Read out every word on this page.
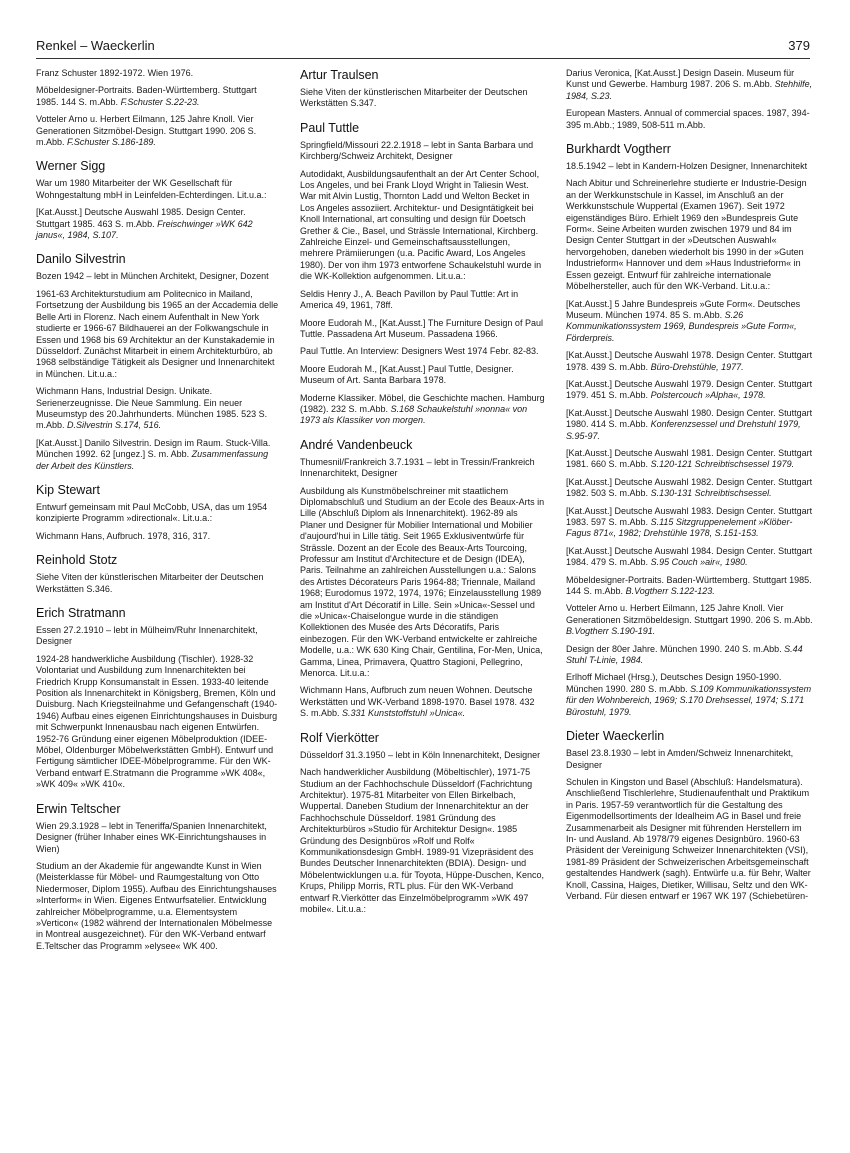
Renkel – Waeckerlin	379
Franz Schuster 1892-1972. Wien 1976.
Möbeldesigner-Portraits. Baden-Württemberg. Stuttgart 1985. 144 S. m.Abb. F.Schuster S.22-23.
Votteler Arno u. Herbert Eilmann, 125 Jahre Knoll. Vier Generationen Sitzmöbel-Design. Stuttgart 1990. 206 S. m.Abb. F.Schuster S.186-189.
Werner Sigg
War um 1980 Mitarbeiter der WK Gesellschaft für Wohngestaltung mbH in Leinfelden-Echterdingen. Lit.u.a.:
[Kat.Ausst.] Deutsche Auswahl 1985. Design Center. Stuttgart 1985. 463 S. m.Abb. Freischwinger »WK 642 janus«, 1984, S.107.
Danilo Silvestrin
Bozen 1942 – lebt in München Architekt, Designer, Dozent
1961-63 Architekturstudium am Politecnico in Mailand, Fortsetzung der Ausbildung bis 1965 an der Accademia delle Belle Arti in Florenz. Nach einem Aufenthalt in New York studierte er 1966-67 Bildhauerei an der Folkwangschule in Essen und 1968 bis 69 Architektur an der Kunstakademie in Düsseldorf. Zunächst Mitarbeit in einem Architekturbüro, ab 1968 selbständige Tätigkeit als Designer und Innenarchitekt in München. Lit.u.a.:
Wichmann Hans, Industrial Design. Unikate. Serienerzeugnisse. Die Neue Sammlung. Ein neuer Museumstyp des 20.Jahrhunderts. München 1985. 523 S. m.Abb. D.Silvestrin S.174, 516.
[Kat.Ausst.] Danilo Silvestrin. Design im Raum. Stuck-Villa. München 1992. 62 [ungez.] S. m. Abb. Zusammenfassung der Arbeit des Künstlers.
Kip Stewart
Entwurf gemeinsam mit Paul McCobb, USA, das um 1954 konzipierte Programm »directional«. Lit.u.a.:
Wichmann Hans, Aufbruch. 1978, 316, 317.
Reinhold Stotz
Siehe Viten der künstlerischen Mitarbeiter der Deutschen Werkstätten S.346.
Erich Stratmann
Essen 27.2.1910 – lebt in Mülheim/Ruhr Innenarchitekt, Designer
1924-28 handwerkliche Ausbildung (Tischler). 1928-32 Volontariat und Ausbildung zum Innenarchitekten bei Friedrich Krupp Konsumanstalt in Essen. 1933-40 leitende Position als Innenarchitekt in Königsberg, Bremen, Köln und Duisburg. Nach Kriegsteilnahme und Gefangenschaft (1940-1946) Aufbau eines eigenen Einrichtungshauses in Duisburg mit Schwerpunkt Innenausbau nach eigenen Entwürfen. 1952-76 Gründung einer eigenen Möbelproduktion (IDEE-Möbel, Oldenburger Möbelwerkstätten GmbH). Entwurf und Fertigung sämtlicher IDEE-Möbelprogramme. Für den WK-Verband entwarf E.Stratmann die Programme »WK 408«, »WK 409« »WK 410«.
Erwin Teltscher
Wien 29.3.1928 – lebt in Teneriffa/Spanien Innenarchitekt, Designer (früher Inhaber eines WK-Einrichtungshauses in Wien)
Studium an der Akademie für angewandte Kunst in Wien (Meisterklasse für Möbel- und Raumgestaltung von Otto Niedermoser, Diplom 1955). Aufbau des Einrichtungshauses »Interform« in Wien. Eigenes Entwurfsatelier. Entwicklung zahlreicher Möbelprogramme, u.a. Elementsystem »Verticon« (1982 während der Internationalen Möbelmesse in Montreal ausgezeichnet). Für den WK-Verband entwarf E.Teltscher das Programm »elysee« WK 400.
Artur Traulsen
Siehe Viten der künstlerischen Mitarbeiter der Deutschen Werkstätten S.347.
Paul Tuttle
Springfield/Missouri 22.2.1918 – lebt in Santa Barbara und Kirchberg/Schweiz Architekt, Designer
Autodidakt, Ausbildungsaufenthalt an der Art Center School, Los Angeles, und bei Frank Lloyd Wright in Taliesin West. War mit Alvin Lustig, Thornton Ladd und Welton Becket in Los Angeles assoziiert. Architektur- und Designtätigkeit bei Knoll International, art consulting und design für Doetsch Grether & Cie., Basel, und Strässle International, Kirchberg. Zahlreiche Einzel- und Gemeinschaftsausstellungen, mehrere Prämiierungen (u.a. Pacific Award, Los Angeles 1980). Der von ihm 1973 entworfene Schaukelstuhl wurde in die WK-Kollektion aufgenommen. Lit.u.a.:
Seldis Henry J., A. Beach Pavillon by Paul Tuttle: Art in America 49, 1961, 78ff.
Moore Eudorah M., [Kat.Ausst.] The Furniture Design of Paul Tuttle. Passadena Art Museum. Passadena 1966.
Paul Tuttle. An Interview: Designers West 1974 Febr. 82-83.
Moore Eudorah M., [Kat.Ausst.] Paul Tuttle, Designer. Museum of Art. Santa Barbara 1978.
Moderne Klassiker. Möbel, die Geschichte machen. Hamburg (1982). 232 S. m.Abb. S.168 Schaukelstuhl »nonna« von 1973 als Klassiker von morgen.
André Vandenbeuck
Thumesnil/Frankreich 3.7.1931 – lebt in Tressin/Frankreich Innenarchitekt, Designer
Ausbildung als Kunstmöbelschreiner mit staatlichem Diplomabschluß und Studium an der Ecole des Beaux-Arts in Lille (Abschluß Diplom als Innenarchitekt). 1962-89 als Planer und Designer für Mobilier International und Mobilier d'aujourd'hui in Lille tätig. Seit 1965 Exklusiventwürfe für Strässle. Dozent an der Ecole des Beaux-Arts Tourcoing, Professur am Institut d'Architecture et de Design (IDEA), Paris. Teilnahme an zahlreichen Ausstellungen u.a.: Salons des Artistes Décorateurs Paris 1964-88; Triennale, Mailand 1968; Eurodomus 1972, 1974, 1976; Einzelausstellung 1989 am Institut d'Art Décoratif in Lille. Sein »Unica«-Sessel und die »Unica«-Chaiselongue wurde in die ständigen Kollektionen des Musée des Arts Décoratifs, Paris einbezogen. Für den WK-Verband entwickelte er zahlreiche Modelle, u.a.: WK 630 King Chair, Gentilina, For-Men, Unica, Gamma, Linea, Primavera, Quattro Stagioni, Pellegrino, Menorca. Lit.u.a.:
Wichmann Hans, Aufbruch zum neuen Wohnen. Deutsche Werkstätten und WK-Verband 1898-1970. Basel 1978. 432 S. m.Abb. S.331 Kunststoffstuhl »Unica«.
Rolf Vierkötter
Düsseldorf 31.3.1950 – lebt in Köln Innenarchitekt, Designer
Nach handwerklicher Ausbildung (Möbeltischler), 1971-75 Studium an der Fachhochschule Düsseldorf (Fachrichtung Architektur). 1975-81 Mitarbeiter von Ellen Birkelbach, Wuppertal. Daneben Studium der Innenarchitektur an der Fachhochschule Düsseldorf. 1981 Gründung des Architekturbüros »Studio für Architektur Design«. 1985 Gründung des Designbüros »Rolf und Rolf« Kommunikationsdesign GmbH. 1989-91 Vizepräsident des Bundes Deutscher Innenarchitekten (BDIA). Design- und Möbelentwicklungen u.a. für Toyota, Hüppe-Duschen, Kenco, Krups, Philipp Morris, RTL plus. Für den WK-Verband entwarf R.Vierkötter das Einzelmöbelprogramm »WK 497 mobile«. Lit.u.a.:
Darius Veronica, [Kat.Ausst.] Design Dasein. Museum für Kunst und Gewerbe. Hamburg 1987. 206 S. m.Abb. Stehhilfe, 1984, S.23.
European Masters. Annual of commercial spaces. 1987, 394-395 m.Abb.; 1989, 508-511 m.Abb.
Burkhardt Vogtherr
18.5.1942 – lebt in Kandern-Holzen Designer, Innenarchitekt
Nach Abitur und Schreinerlehre studierte er Industrie-Design an der Werkkunstschule in Kassel, im Anschluß an der Werkkunstschule Wuppertal (Examen 1967). Seit 1972 eigenständiges Büro. Erhielt 1969 den »Bundespreis Gute Form«. Seine Arbeiten wurden zwischen 1979 und 84 im Design Center Stuttgart in der »Deutschen Auswahl« hervorgehoben, daneben wiederholt bis 1990 in der »Guten Industrieform« Hannover und dem »Haus Industrieform« in Essen gezeigt. Entwurf für zahlreiche internationale Möbelhersteller, auch für den WK-Verband. Lit.u.a.:
[Kat.Ausst.] 5 Jahre Bundespreis »Gute Form«. Deutsches Museum. München 1974. 85 S. m.Abb. S.26 Kommunikationssystem 1969, Bundespreis »Gute Form«, Förderpreis.
[Kat.Ausst.] Deutsche Auswahl 1978. Design Center. Stuttgart 1978. 439 S. m.Abb. Büro-Drehstühle, 1977.
[Kat.Ausst.] Deutsche Auswahl 1979. Design Center. Stuttgart 1979. 451 S. m.Abb. Polstercouch »Alpha«, 1978.
[Kat.Ausst.] Deutsche Auswahl 1980. Design Center. Stuttgart 1980. 414 S. m.Abb. Konferenzsessel und Drehstuhl 1979, S.95-97.
[Kat.Ausst.] Deutsche Auswahl 1981. Design Center. Stuttgart 1981. 660 S. m.Abb. S.120-121 Schreibtischsessel 1979.
[Kat.Ausst.] Deutsche Auswahl 1982. Design Center. Stuttgart 1982. 503 S. m.Abb. S.130-131 Schreibtischsessel.
[Kat.Ausst.] Deutsche Auswahl 1983. Design Center. Stuttgart 1983. 597 S. m.Abb. S.115 Sitzgruppenelement »Klöber-Fagus 871«, 1982; Drehstühle 1978, S.151-153.
[Kat.Ausst.] Deutsche Auswahl 1984. Design Center. Stuttgart 1984. 479 S. m.Abb. S.95 Couch »air«, 1980.
Möbeldesigner-Portraits. Baden-Württemberg. Stuttgart 1985. 144 S. m.Abb. B.Vogtherr S.122-123.
Votteler Arno u. Herbert Eilmann, 125 Jahre Knoll. Vier Generationen Sitzmöbeldesign. Stuttgart 1990. 206 S. m.Abb. B.Vogtherr S.190-191.
Design der 80er Jahre. München 1990. 240 S. m.Abb. S.44 Stuhl T-Linie, 1984.
Erlhoff Michael (Hrsg.), Deutsches Design 1950-1990. München 1990. 280 S. m.Abb. S.109 Kommunikationssystem für den Wohnbereich, 1969; S.170 Drehsessel, 1974; S.171 Bürostuhl, 1979.
Dieter Waeckerlin
Basel 23.8.1930 – lebt in Amden/Schweiz Innenarchitekt, Designer
Schulen in Kingston und Basel (Abschluß: Handelsmatura). Anschließend Tischlerlehre, Studienaufenthalt und Praktikum in Paris. 1957-59 verantwortlich für die Gestaltung des Eigenmodellsortiments der Idealheim AG in Basel und freie Zusammenarbeit als Designer mit führenden Herstellern im In- und Ausland. Ab 1978/79 eigenes Designbüro. 1960-63 Präsident der Vereinigung Schweizer Innenarchitekten (VSI), 1981-89 Präsident der Schweizerischen Arbeitsgemeinschaft gestaltendes Handwerk (sagh). Entwürfe u.a. für Behr, Walter Knoll, Cassina, Haiges, Dietiker, Willisau, Seltz und den WK-Verband. Für diesen entwarf er 1967 WK 197 (Schiebetüren-
